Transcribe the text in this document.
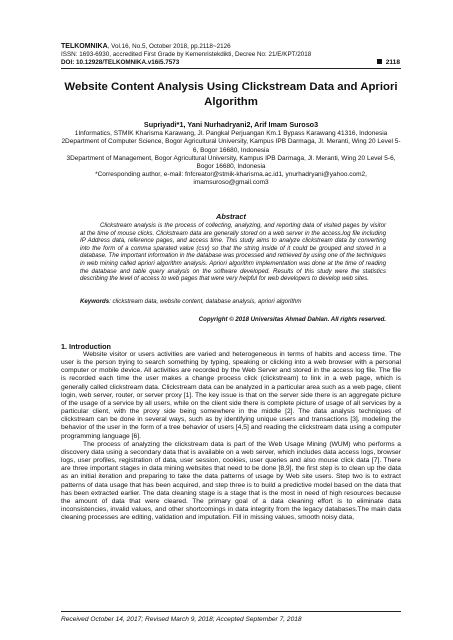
TELKOMNIKA, Vol.16, No.5, October 2018, pp.2118~2126
ISSN: 1693-6930, accredited First Grade by Kemenristekdikti, Decree No: 21/E/KPT/2018
DOI: 10.12928/TELKOMNIKA.v16i5.7573	2118
Website Content Analysis Using Clickstream Data and Apriori Algorithm
Supriyadi*1, Yani Nurhadryani2, Arif Imam Suroso3
1Informatics, STMIK Kharisma Karawang, Jl. Pangkal Perjuangan Km.1 Bypass Karawang 41316, Indonesia
2Department of Computer Science, Bogor Agricultural University, Kampus IPB Darmaga, Jl. Meranti, Wing 20 Level 5-6, Bogor 16680, Indonesia
3Department of Management, Bogor Agricultural University, Kampus IPB Darmaga, Jl. Meranti, Wing 20 Level 5-6, Bogor 16680, Indonesia
*Corresponding author, e-mail: fnfcreator@stmik-kharisma.ac.id1, ynurhadryani@yahoo.com2, imamsuroso@gmail.com3
Abstract
Clickstream analysis is the process of collecting, analyzing, and reporting data of visited pages by visitor at the time of mouse clicks. Clickstream data are generally stored on a web server in the access.log file including IP Address data, reference pages, and access time. This study aims to analyze clickstream data by converting into the form of a comma sparated value (csv) so that the string inside of it could be grouped and stored in a database. The important information in the database was processed and retrieved by using one of the techniques in web mining called apriori algorithm analysis. Apriori algorithm implementation was done at the time of reading the database and table query analysis on the software developed. Results of this study were the statistics describing the level of access to web pages that were very helpful for web developers to develop web sites.
Keywords: clickstream data, website content, database analysis, apriori algorithm
Copyright © 2018 Universitas Ahmad Dahlan. All rights reserved.
1. Introduction

Website visitor or users activities are varied and heterogeneous in terms of habits and access time. The user is the person trying to search something by typing, speaking or clicking into a web browser with a personal computer or mobile device. All activities are recorded by the Web Server and stored in the access log file. The file is recorded each time the user makes a change process click (clickstream) to link in a web page, which is generally called clickstream data. Clickstream data can be analyzed in a particular area such as a web page, client login, web server, router, or server proxy [1]. The key issue is that on the server side there is an aggregate picture of the usage of a service by all users, while on the client side there is complete picture of usage of all services by a particular client, with the proxy side being somewhere in the middle [2]. The data analysis techniques of clickstream can be done in several ways, such as by identifying unique users and transactions [3], modeling the behavior of the user in the form of a tree behavior of users [4,5] and reading the clickstream data using a computer programming language [6].

The process of analyzing the clickstream data is part of the Web Usage Mining (WUM) who performs a discovery data using a secondary data that is available on a web server, which includes data access logs, browser logs, user profiles, registration of data, user session, cookies, user queries and also mouse click data [7]. There are three important stages in data mining websites that need to be done [8,9], the first step is to clean up the data as an initial iteration and preparing to take the data patterns of usage by Web site users. Step two is to extract patterns of data usage that has been acquired, and step three is to build a predictive model based on the data that has been extracted earlier. The data cleaning stage is a stage that is the most in need of high resources because the amount of data that were cleared. The primary goal of a data cleaning effort is to eliminate data inconsistencies, invalid values, and other shortcomings in data integrity from the legacy databases.The main data cleaning processes are editing, validation and imputation. Fill in missing values, smooth noisy data,

Received October 14, 2017; Revised March 9, 2018; Accepted September 7, 2018
